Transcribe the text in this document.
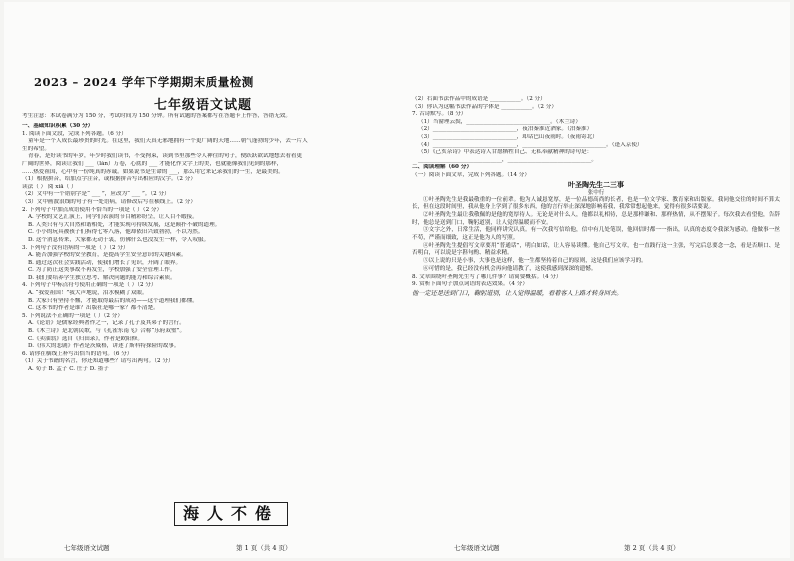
2023 – 2024 学年下学期期末质量检测
七年级语文试题
考生注意：本试卷满分为 150 分，考试时间为 150 分钟。所有试题的答案都写在答题卡上作答，答错无效。
一、基础知识积累（30 分）
1. 阅读下面文段，完成下列各题。（6 分）
童年是一个人成长最珍贵的时光。在这里，我们天真无邪地拥有一个更广阔的天地……朝气蓬勃的少年，去一片人
生的希望。
青春，是好读书的年岁，年少时我们读书，不受拘束，读到书里那些令人神往的句子，便跃跃欲试地想去看看更
广阔的世界，阅读让我们 ___（lǎn）万卷，心底的 ___ 才能化作文字上的美，也就能像我们见到的那样，
……热爱祖国，心中有一份纯真的赤诚。如果说书是生命的 ___，那么用它来记录我们的一生，是最美的。
（1）根据拼音，给加点字注音，或根据拼音写出相应的汉字。（2 分）
读法（ ） 阅 xiā（ ）
（2）文中有一个错别字是“ ___ ”，应改为“ ___ ”。（2 分）
（3）文中画波浪线的句子有一处语病，请修改后写在横线上。（2 分）
2. 下列句子中加点成语使用不恰当的一项是（ ）（2 分）
A. 学校的文艺汇演上，同学们表演的节目精彩纷呈，让人目不暇接。
B. 人类只有与大自然和谐相处，才能实现可持续发展，这是颠扑不破的道理。
C. 小小的玩具被孩子们拆得七零八落，他却依旧兴致勃勃，不以为然。
D. 这个消息传来，大家都无动于衷，仿佛什么也没发生一样，令人叹服。
3. 下列句子没有语病的一项是（ ）（2 分）
A. 能否加强学校的安全教育，是提高学生安全意识的关键因素。
B. 通过这次社会实践活动，使我们增长了见识，开阔了眼界。
C. 为了防止这类事故不再发生，学校加强了安全管理工作。
D. 我们要培养学生独立思考、解决问题的能力和综合素质。
4. 下列句子中标点符号使用正确的一项是（ ）（2 分）
A. “我爱祖国！”我大声地说，泪水模糊了双眼。
B. 大家只有坚持不懈，才能取得最后的成功——这个道理我们都懂。
C. 这本书的作者是谁？出版社是哪一家？都不清楚。
5. 下列说法不正确的一项是（ ）（2 分）
A.《论语》是儒家经典著作之一，记录了孔子及其弟子的言行。
B.《木兰诗》是北朝民歌，与《孔雀东南飞》合称“乐府双璧”。
C.《卖油翁》选自《归田录》，作者是欧阳修。
D.《伟大的悲剧》作者是茨威格，讲述了斯科特探险的故事。
6. 请你在横线上补写出恰当的语句。（6 分）
（1）关于书籍的名言，你还知道哪些？请写出两句。（2 分）
A. 荀子 B. 孟子 C. 庄子 D. 墨子
海人不倦
（2）右面书法作品中的成语是 ___________。（2 分）
（3）你认为这幅书法作品的字体是 ___________。（2 分）
7. 古诗默写。（8 分）
（1）当窗理云鬓，______________________________。（木兰诗）
（2）______________________________，夜泊秦淮近酒家。（泊秦淮）
（3）______________________________，却话巴山夜雨时。（夜雨寄北）
（4）______________________________，______________________________。（逢入京使）
（5）《己亥杂诗》中表达诗人甘愿牺牲自己、无私奉献精神的诗句是：
______________________________，______________________________。
二、阅读理解（60 分）
（一）阅读下面文章，完成下列各题。（14 分）
叶圣陶先生二三事
张中行
①叶圣陶先生是我最敬重的一位前辈。他为人诚恳宽厚，是一位品德高尚的长者，也是一位文学家、教育家和出版家。我同他交往的时间不算太长，但在这段时间里，我从他身上学到了很多东西，他的言行举止深深地影响着我，我常常想起他来，觉得有很多话要说。
②叶圣陶先生最让我敬佩的是他的宽厚待人。无论是对什么人，他都以礼相待，总是那样谦和、那样热情，从不摆架子。每次我去看望他，告辞时，他总是送到门口，鞠躬道别，让人觉得温暖而不安。
③文字之外，日常生活，他同样讲究认真。有一次我写信给他，信中有几处笔误，他回信时都一一指出，认真的态度令我深为感动。他做事一丝不苟，严谨而细致，这正是他为人的写照。
④叶圣陶先生提倡写文章要用“普通话”，明白如话，让人容易读懂。他自己写文章，也一直践行这一主张，写完后总要念一念，看是否顺口、是否明白，可以说是字斟句酌、精益求精。
⑤以上说的只是小事，大事也是这样，他一生都坚持着自己的原则，这是我们应该学习的。
⑥可惜的是，我已经没有机会再向他请教了，这使我感到深深的遗憾。
8. 文章围绕叶圣陶先生写了哪几件事？请简要概括。（4 分）
9. 赏析下面句子加点词语的表达效果。（4 分）
他一定还是送到门口，鞠躬道别，让人觉得温暖，看着客人上路才转身回去。
七年级语文试题	第 1 页（共 4 页）	七年级语文试题	第 2 页（共 4 页）
